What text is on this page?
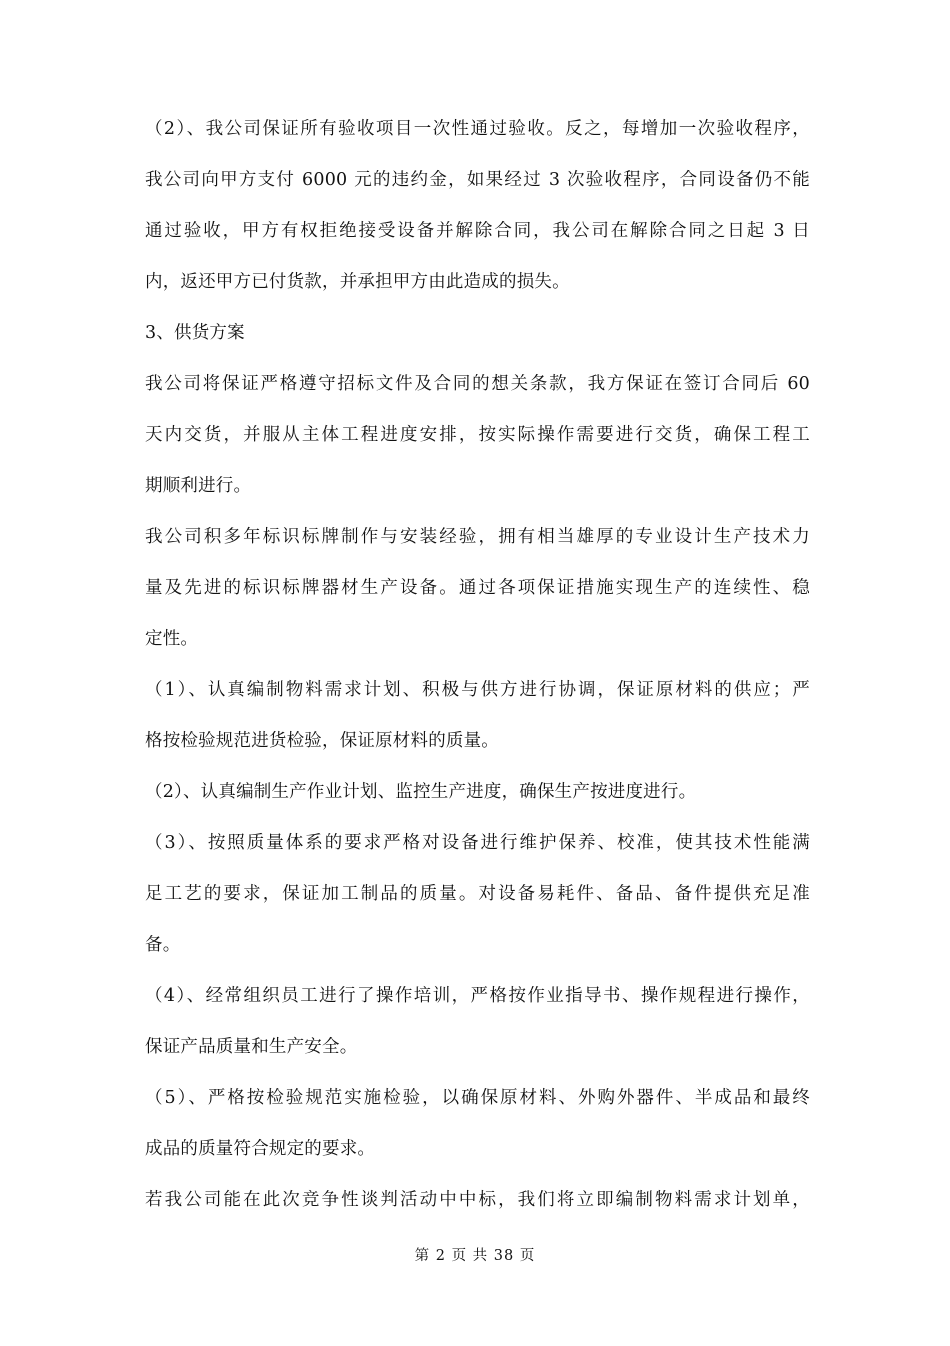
（2）、我公司保证所有验收项目一次性通过验收。反之，每增加一次验收程序，
我公司向甲方支付 6000 元的违约金，如果经过 3 次验收程序，合同设备仍不能
通过验收，甲方有权拒绝接受设备并解除合同，我公司在解除合同之日起 3 日
内，返还甲方已付货款，并承担甲方由此造成的损失。
3、供货方案
我公司将保证严格遵守招标文件及合同的想关条款，我方保证在签订合同后 60
天内交货，并服从主体工程进度安排，按实际操作需要进行交货，确保工程工
期顺利进行。
我公司积多年标识标牌制作与安装经验，拥有相当雄厚的专业设计生产技术力
量及先进的标识标牌器材生产设备。通过各项保证措施实现生产的连续性、稳
定性。
（1）、认真编制物料需求计划、积极与供方进行协调，保证原材料的供应；严
格按检验规范进货检验，保证原材料的质量。
（2）、认真编制生产作业计划、监控生产进度，确保生产按进度进行。
（3）、按照质量体系的要求严格对设备进行维护保养、校准，使其技术性能满
足工艺的要求，保证加工制品的质量。对设备易耗件、备品、备件提供充足准
备。
（4）、经常组织员工进行了操作培训，严格按作业指导书、操作规程进行操作，
保证产品质量和生产安全。
（5）、严格按检验规范实施检验，以确保原材料、外购外器件、半成品和最终
成品的质量符合规定的要求。
若我公司能在此次竞争性谈判活动中中标，我们将立即编制物料需求计划单，
第 2 页 共 38 页
